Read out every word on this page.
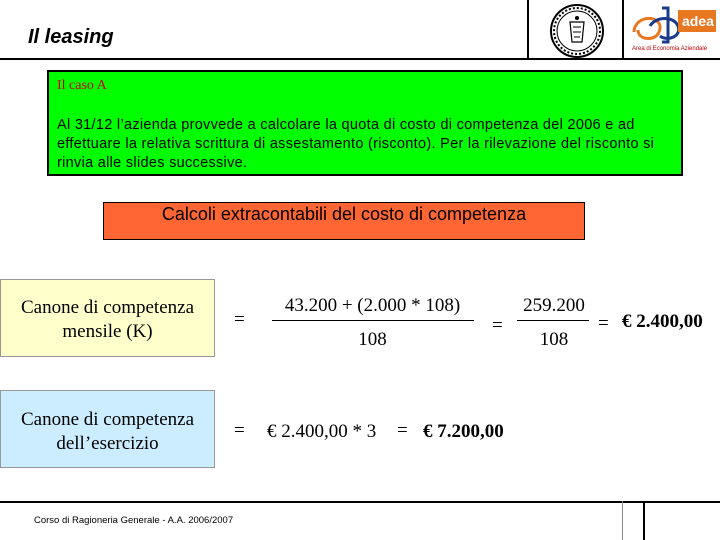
Il leasing
adea
Area di Economia Aziendale
Il caso A
Al 31/12 l’azienda provvede a calcolare la quota di costo di competenza del 2006 e ad effettuare la relativa scrittura di assestamento (risconto). Per la rilevazione del risconto si rinvia alle slides successive.
Calcoli extracontabili del costo di competenza
Canone di competenza
mensile (K)
=
43.200 + (2.000 * 108)
108
=
259.200
108
= € 2.400,00
Canone di competenza
dell’esercizio
= € 2.400,00 * 3 = € 7.200,00
Corso di Ragioneria Generale - A.A. 2006/2007
